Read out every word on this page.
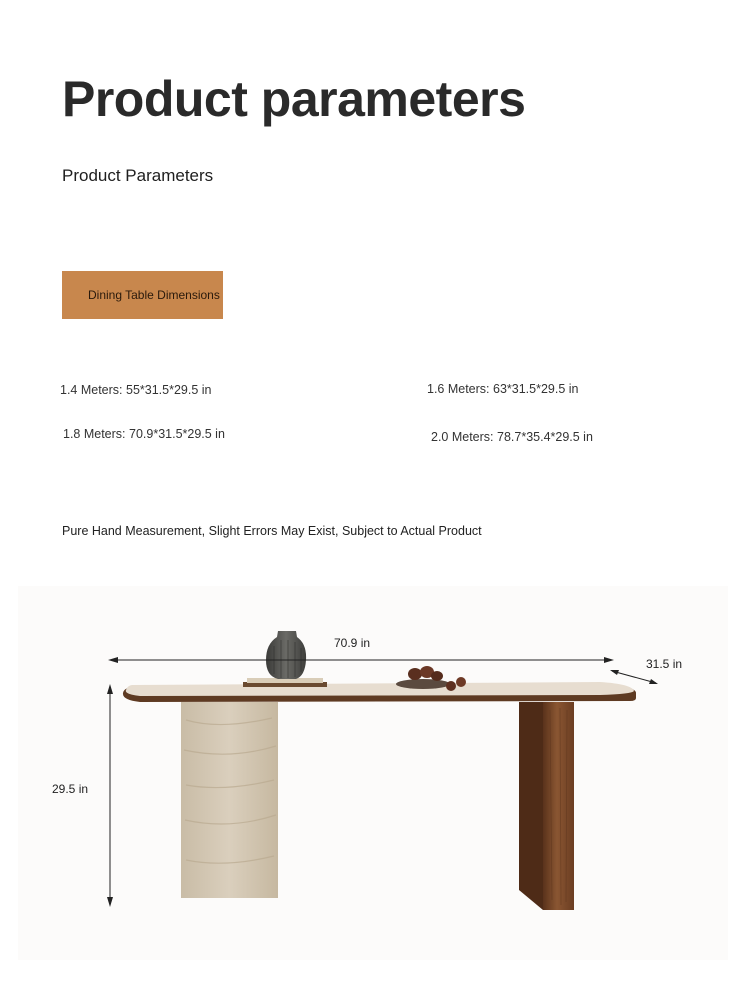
Product parameters
Product Parameters
Dining Table Dimensions
1.4 Meters: 55*31.5*29.5 in	1.6 Meters: 63*31.5*29.5 in
1.8 Meters: 70.9*31.5*29.5 in	2.0 Meters: 78.7*35.4*29.5 in
Pure Hand Measurement, Slight Errors May Exist, Subject to Actual Product
70.9 in
31.5 in
29.5 in
